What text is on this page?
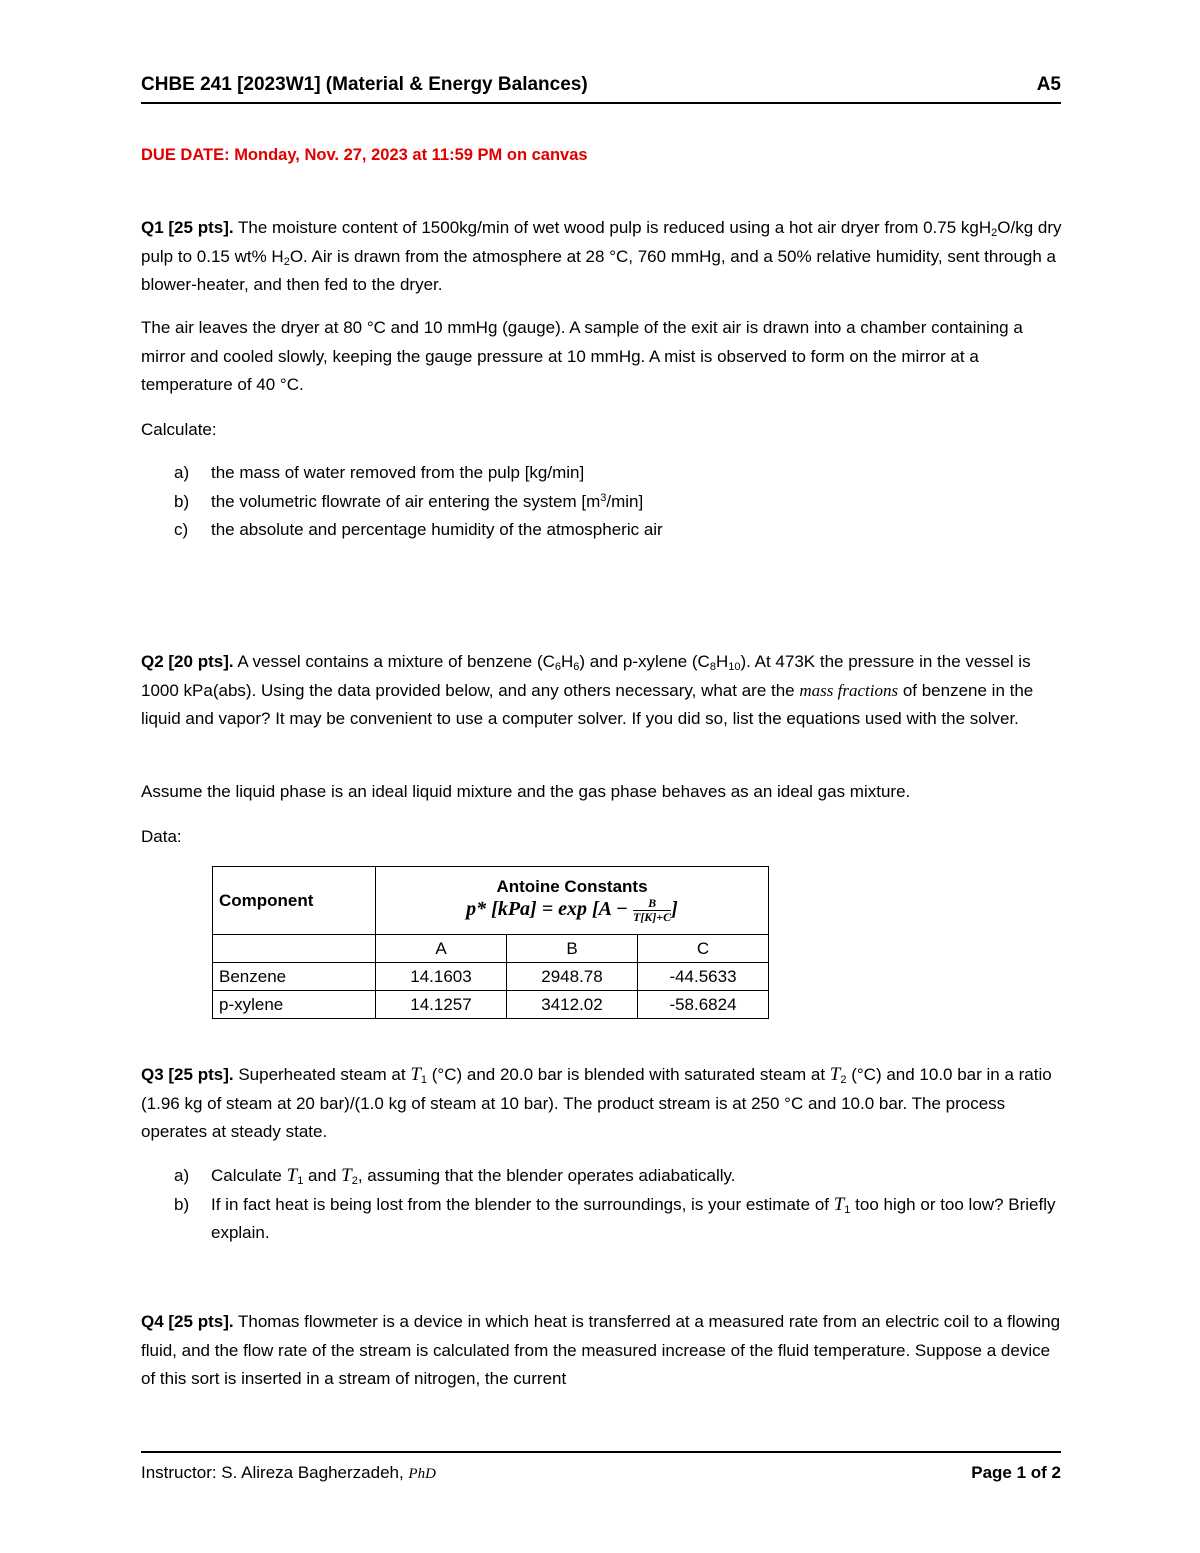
CHBE 241 [2023W1] (Material & Energy Balances)	A5
DUE DATE: Monday, Nov. 27, 2023 at 11:59 PM on canvas
Q1 [25 pts]. The moisture content of 1500kg/min of wet wood pulp is reduced using a hot air dryer from 0.75 kgH$_2$O/kg dry pulp to 0.15 wt% $H_2O$. Air is drawn from the atmosphere at 28 °C, 760 mmHg, and a 50% relative humidity, sent through a blower-heater, and then fed to the dryer.
The air leaves the dryer at 80 °C and 10 mmHg (gauge). A sample of the exit air is drawn into a chamber containing a mirror and cooled slowly, keeping the gauge pressure at 10 mmHg. A mist is observed to form on the mirror at a temperature of 40 °C.
Calculate:
a) the mass of water removed from the pulp [kg/min]
b) the volumetric flowrate of air entering the system $[m^3/\min]$
c) the absolute and percentage humidity of the atmospheric air
Q2 [20 pts]. A vessel contains a mixture of benzene $(C_6H_6)$ and p-xylene $(C_8H_{10})$. At 473K the pressure in the vessel is 1000 kPa(abs). Using the data provided below, and any others necessary, what are the mass fractions of benzene in the liquid and vapor? It may be convenient to use a computer solver. If you did so, list the equations used with the solver.
Assume the liquid phase is an ideal liquid mixture and the gas phase behaves as an ideal gas mixture.
Data:
Component	Antoine Constants
p* $[kPa] = \exp [A - \frac{B}{T[K]+C}$ ]		

	A	B	C
Benzene	14.1603	2948.78	-44.5633
p-xylene	14.1257	3412.02	-58.6824
Q3 [25 pts]. Superheated steam at $T_1$ (°C) and 20.0 bar is blended with saturated steam at $T_2$ (°C) and 10.0 bar in a ratio (1.96 kg of steam at 20 bar)/(1.0 kg of steam at 10 bar). The product stream is at 250 °C and 10.0 bar. The process operates at steady state.
a) Calculate $T_1$ and $T_2$, assuming that the blender operates adiabatically.
b) If in fact heat is being lost from the blender to the surroundings, is your estimate of $T_1$ too high or too low? Briefly explain.
Q4 [25 pts]. Thomas flowmeter is a device in which heat is transferred at a measured rate from an electric coil to a flowing fluid, and the flow rate of the stream is calculated from the measured increase of the fluid temperature. Suppose a device of this sort is inserted in a stream of nitrogen, the current
Instructor: S. Alireza Bagherzadeh, PhD	Page 1 of 2
